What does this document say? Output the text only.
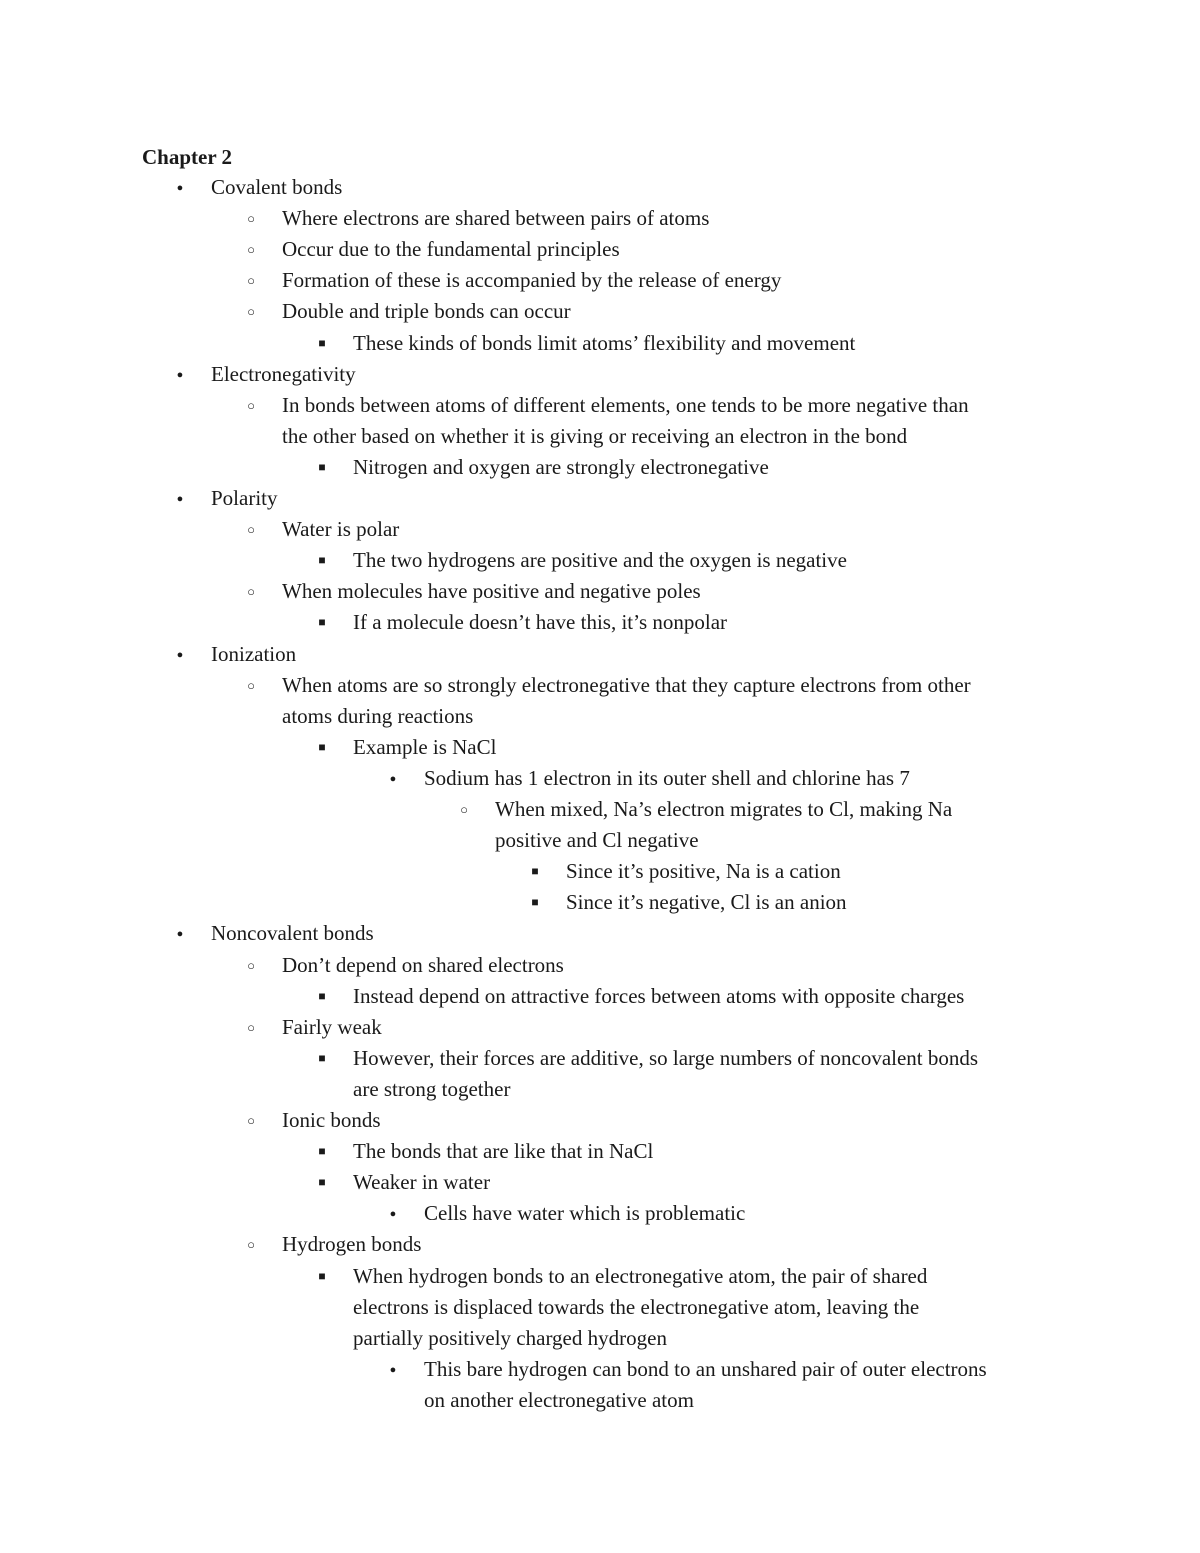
Chapter 2
●
Covalent bonds
○
Where electrons are shared between pairs of atoms
○
Occur due to the fundamental principles
○
Formation of these is accompanied by the release of energy
○
Double and triple bonds can occur
■
These kinds of bonds limit atoms’ flexibility and movement
●
Electronegativity
○
In bonds between atoms of different elements, one tends to be more negative than
the other based on whether it is giving or receiving an electron in the bond
■
Nitrogen and oxygen are strongly electronegative
●
Polarity
○
Water is polar
■
The two hydrogens are positive and the oxygen is negative
○
When molecules have positive and negative poles
■
If a molecule doesn’t have this, it’s nonpolar
●
Ionization
○
When atoms are so strongly electronegative that they capture electrons from other
atoms during reactions
■
Example is NaCl
●
Sodium has 1 electron in its outer shell and chlorine has 7
○
When mixed, Na’s electron migrates to Cl, making Na
positive and Cl negative
■
Since it’s positive, Na is a cation
■
Since it’s negative, Cl is an anion
●
Noncovalent bonds
○
Don’t depend on shared electrons
■
Instead depend on attractive forces between atoms with opposite charges
○
Fairly weak
■
However, their forces are additive, so large numbers of noncovalent bonds
are strong together
○
Ionic bonds
■
The bonds that are like that in NaCl
■
Weaker in water
●
Cells have water which is problematic
○
Hydrogen bonds
■
When hydrogen bonds to an electronegative atom, the pair of shared
electrons is displaced towards the electronegative atom, leaving the
partially positively charged hydrogen
●
This bare hydrogen can bond to an unshared pair of outer electrons
on another electronegative atom
